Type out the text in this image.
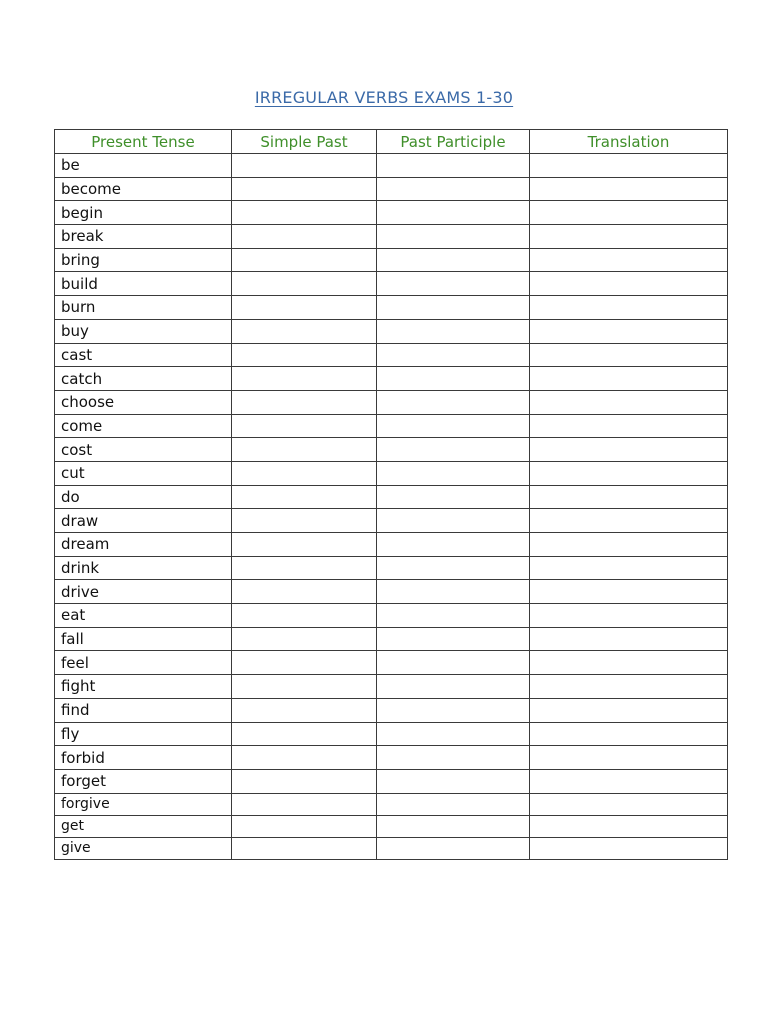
IRREGULAR VERBS EXAMS 1-30
Present Tense	Simple Past	Past Participle	Translation
be			
become			
begin			
break			
bring			
build			
burn			
buy			
cast			
catch			
choose			
come			
cost			
cut			
do			
draw			
dream			
drink			
drive			
eat			
fall			
feel			
fight			
find			
fly			
forbid			
forget			
forgive			
get			
give			
